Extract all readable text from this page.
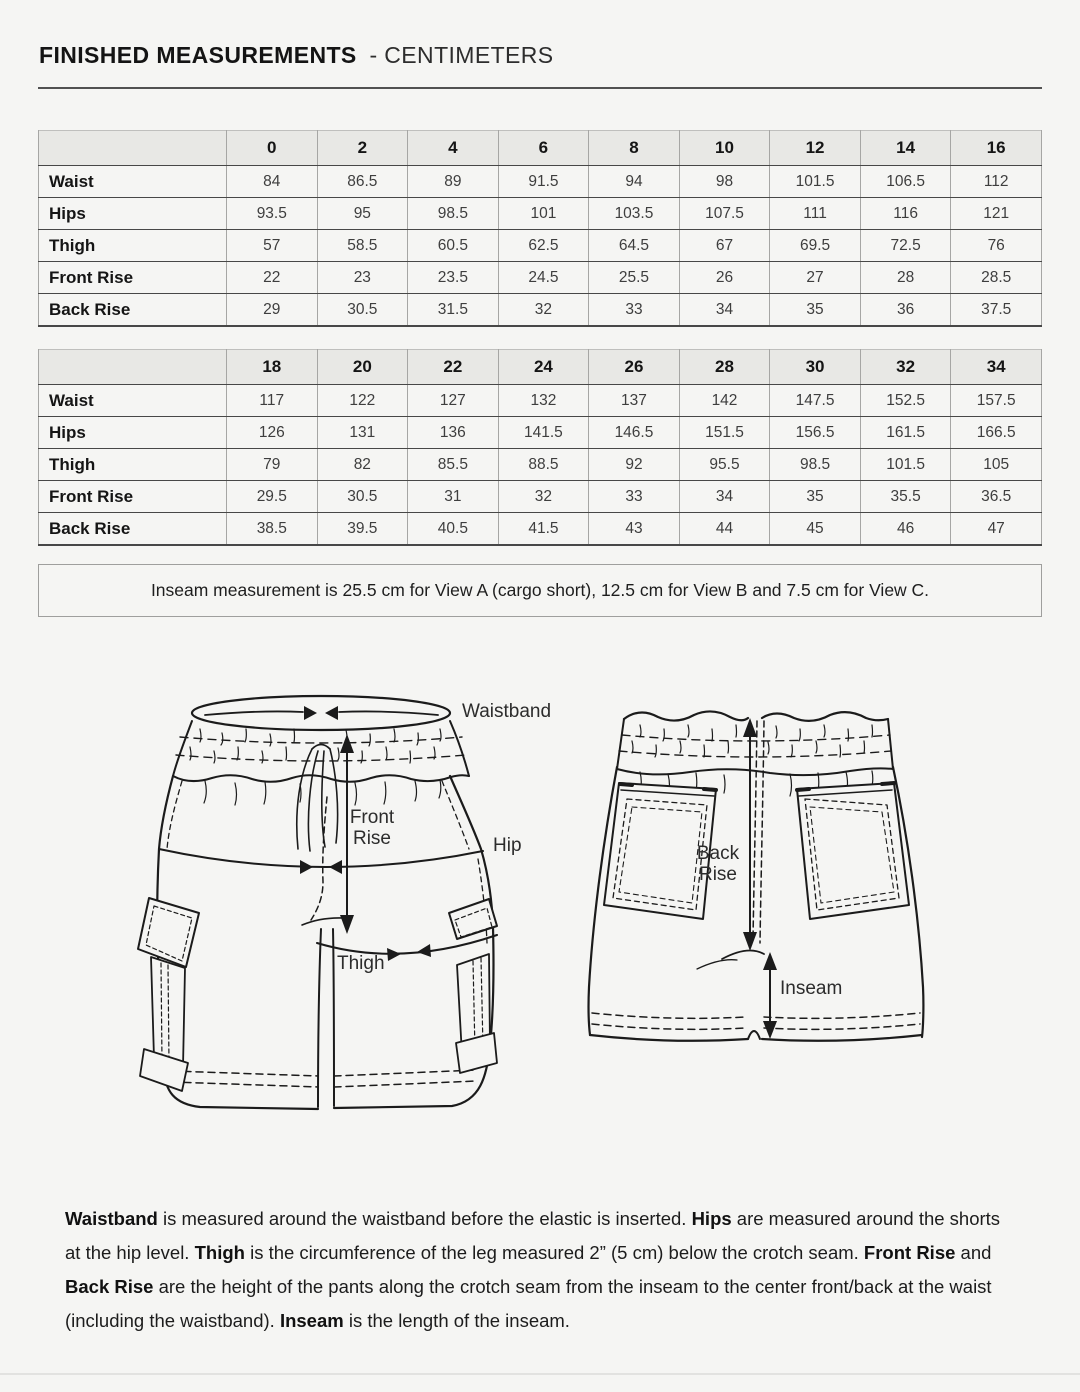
FINISHED MEASUREMENTS - CENTIMETERS
	0	2	4	6	8	10	12	14	16
Waist	84	86.5	89	91.5	94	98	101.5	106.5	112
Hips	93.5	95	98.5	101	103.5	107.5	111	116	121
Thigh	57	58.5	60.5	62.5	64.5	67	69.5	72.5	76
Front Rise	22	23	23.5	24.5	25.5	26	27	28	28.5
Back Rise	29	30.5	31.5	32	33	34	35	36	37.5
	18	20	22	24	26	28	30	32	34
Waist	117	122	127	132	137	142	147.5	152.5	157.5
Hips	126	131	136	141.5	146.5	151.5	156.5	161.5	166.5
Thigh	79	82	85.5	88.5	92	95.5	98.5	101.5	105
Front Rise	29.5	30.5	31	32	33	34	35	35.5	36.5
Back Rise	38.5	39.5	40.5	41.5	43	44	45	46	47
Inseam measurement is 25.5 cm for View A (cargo short), 12.5 cm for View B and 7.5 cm for View C.
Waistband
Front Rise	Hip
Thigh
Back Rise
Inseam

Waistband is measured around the waistband before the elastic is inserted. Hips are measured around the shorts at the hip level. Thigh is the circumference of the leg measured 2” (5 cm) below the crotch seam. Front Rise and Back Rise are the height of the pants along the crotch seam from the inseam to the center front/back at the waist (including the waistband). Inseam is the length of the inseam.
